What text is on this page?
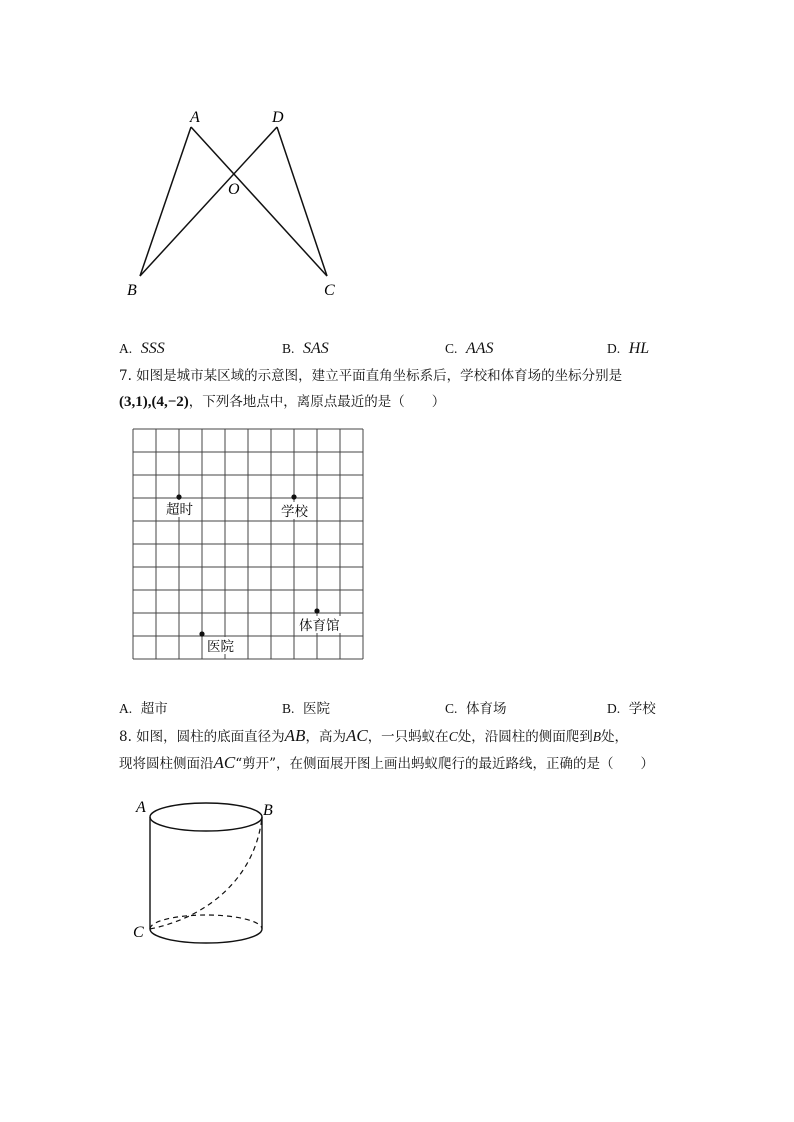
A	D
O
B	C
A. SSS	B. SAS	C. AAS	D. HL
7. 如图是城市某区域的示意图，建立平面直角坐标系后，学校和体育场的坐标分别是
(3,1),(4,−2)，下列各地点中，离原点最近的是（　　）
超时	学校
体育馆
医院
A. 超市	B. 医院	C. 体育场	D. 学校
8. 如图，圆柱的底面直径为AB，高为AC，一只蚂蚁在C处，沿圆柱的侧面爬到B处，
现将圆柱侧面沿AC“剪开”，在侧面展开图上画出蚂蚁爬行的最近路线，正确的是（　　）
A	B
C
